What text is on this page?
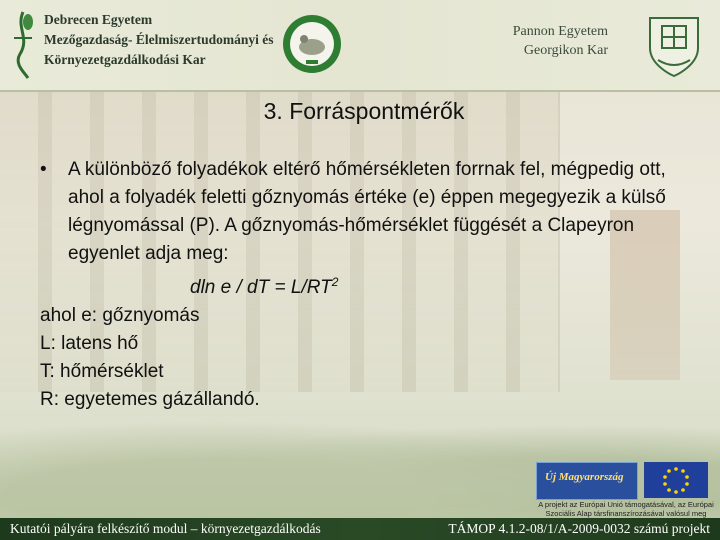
Debrecen Egyetem
Mezőgazdaság- Élelmiszertudományi és
Környezetgazdálkodási Kar
Pannon Egyetem
Georgikon Kar
3. Forráspontmérők
•	A különböző folyadékok eltérő hőmérsékleten forrnak fel, mégpedig ott, ahol a folyadék feletti gőznyomás értéke (e) éppen megegyezik a külső légnyomással (P). A gőznyomás-hőmérséklet függését a Clapeyron egyenlet adja meg:
dln e / dT = $L/RT^2$
ahol e: gőznyomás
L: latens hő
T: hőmérséklet
R: egyetemes gázállandó.
Új Magyarország
A projekt az Európai Unió támogatásával, az Európai Szociális Alap társfinanszírozásával valósul meg
Kutatói pályára felkészítő modul – környezetgazdálkodás	TÁMOP 4.1.2-08/1/A-2009-0032 számú projekt
